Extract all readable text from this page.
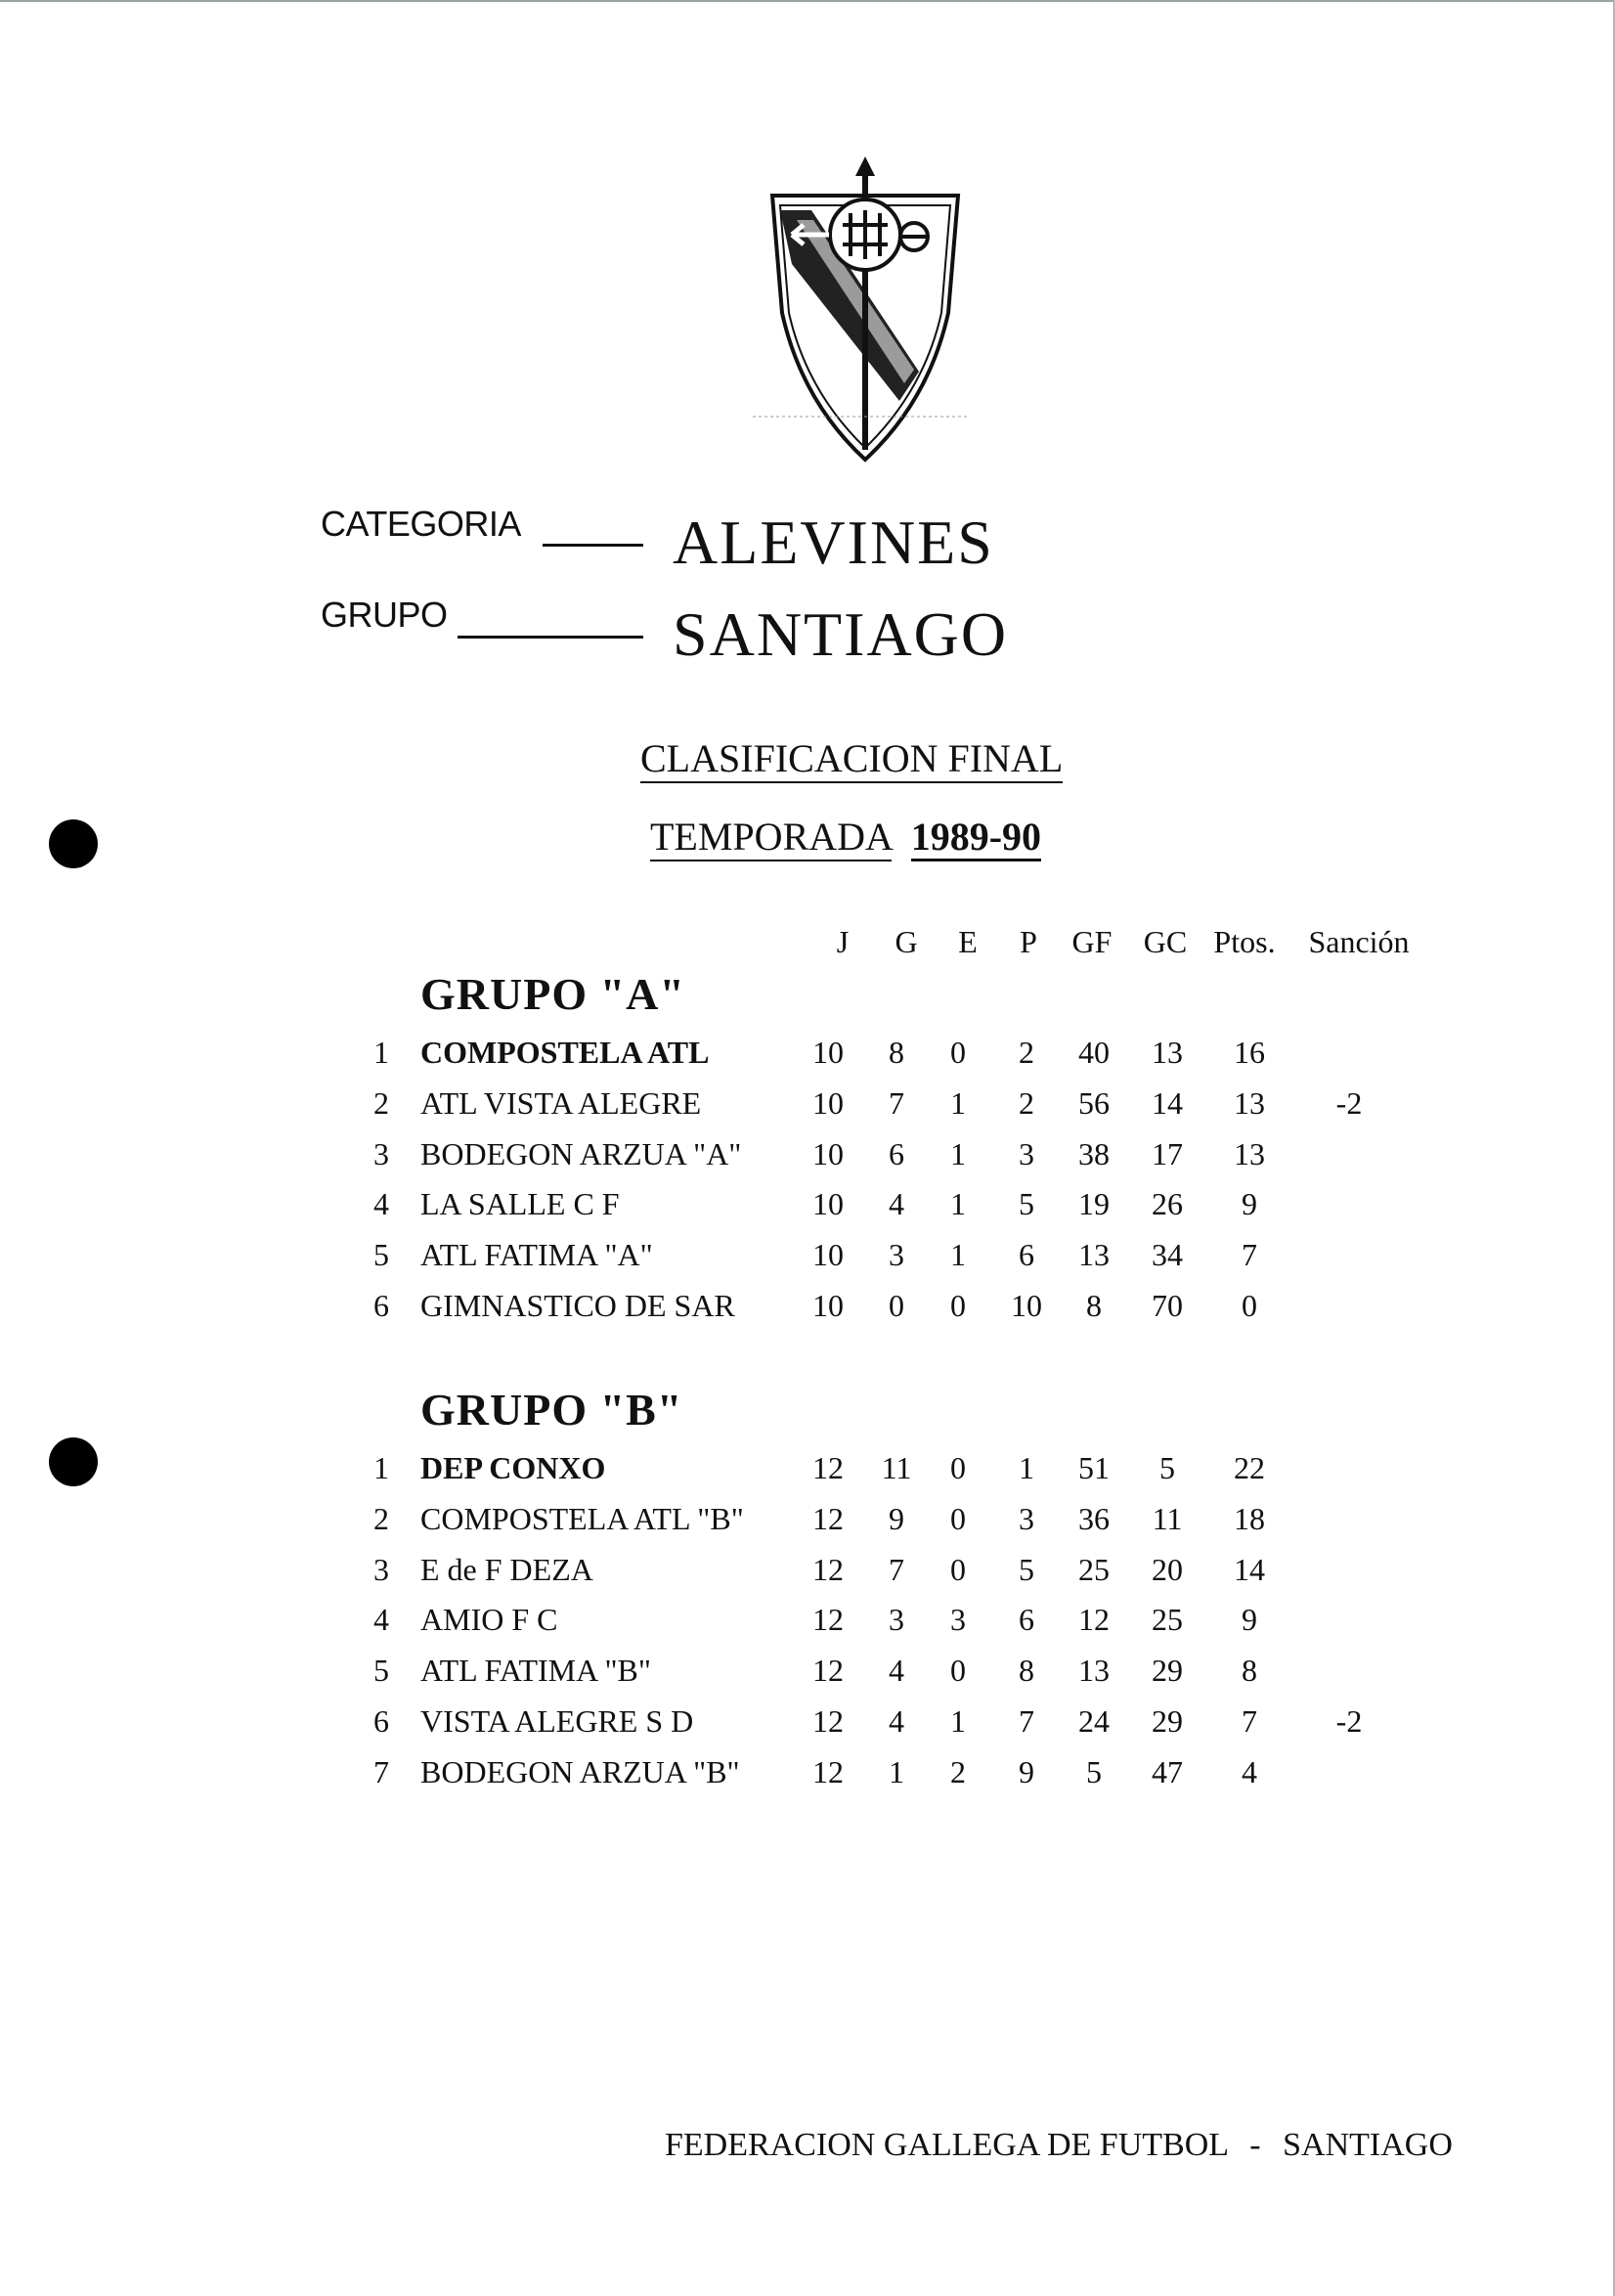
CATEGORIA ALEVINES
GRUPO	SANTIAGO
CLASIFICACION FINAL
TEMPORADA 1989-90
J	G	E	P	GF	GC Ptos.	Sanción
GRUPO "A"
1	COMPOSTELA ATL	10	8	0	2	40	13	16
2	ATL VISTA ALEGRE	10	7	1	2	56	14	13	-2
3	BODEGON ARZUA "A"	10	6	1	3	38	17	13
4	LA SALLE C F	10	4	1	5	19	26	9
5	ATL FATIMA "A"	10	3	1	6	13	34	7
6	GIMNASTICO DE SAR	10	0	0	10	8	70	0
GRUPO "B"
1	DEP CONXO	12	11	0	1	51	5	22
2	COMPOSTELA ATL "B"	12	9	0	3	36	11	18
3	E de F DEZA	12	7	0	5	25	20	14
4	AMIO F C	12	3	3	6	12	25	9
5	ATL FATIMA "B"	12	4	0	8	13	29	8
6	VISTA ALEGRE S D	12	4	1	7	24	29	7	-2
7	BODEGON ARZUA "B"	12	1	2	9	5	47	4
FEDERACION GALLEGA DE FUTBOL - SANTIAGO
